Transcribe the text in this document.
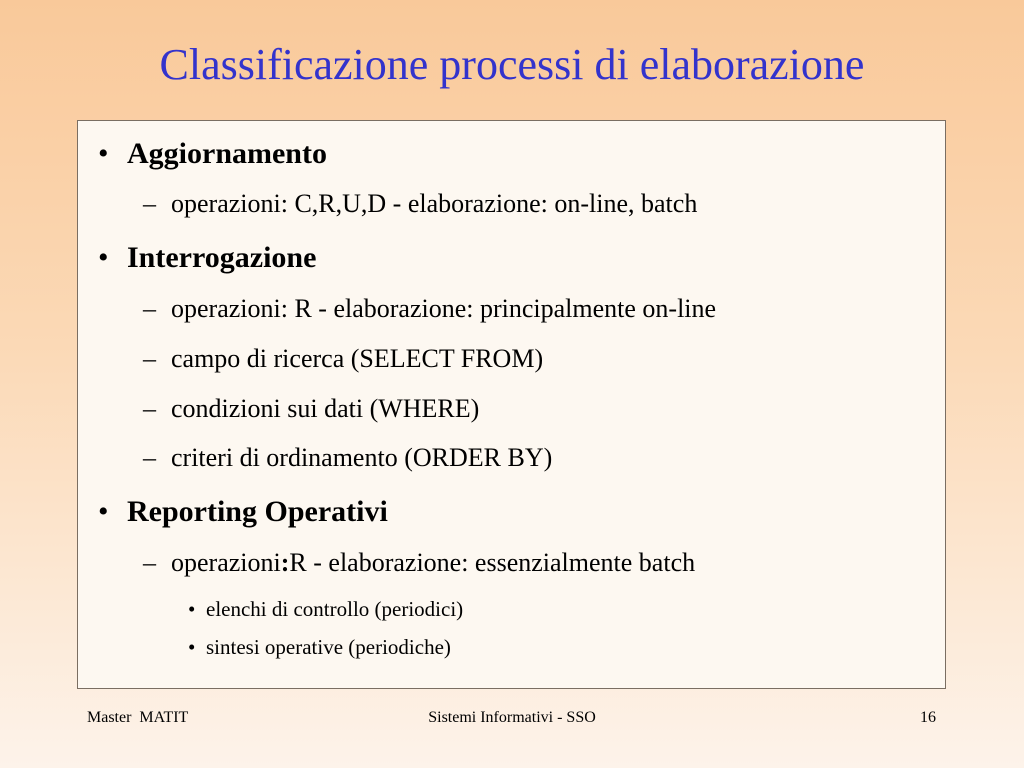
Classificazione processi di elaborazione
• Aggiornamento
– operazioni: C,R,U,D - elaborazione: on-line, batch
• Interrogazione
– operazioni: R - elaborazione: principalmente on-line
– campo di ricerca (SELECT FROM)
– condizioni sui dati (WHERE)
– criteri di ordinamento (ORDER BY)
• Reporting Operativi
– operazioni:R - elaborazione: essenzialmente batch
• elenchi di controllo (periodici)
• sintesi operative (periodiche)
Master  MATIT	Sistemi Informativi - SSO	16
